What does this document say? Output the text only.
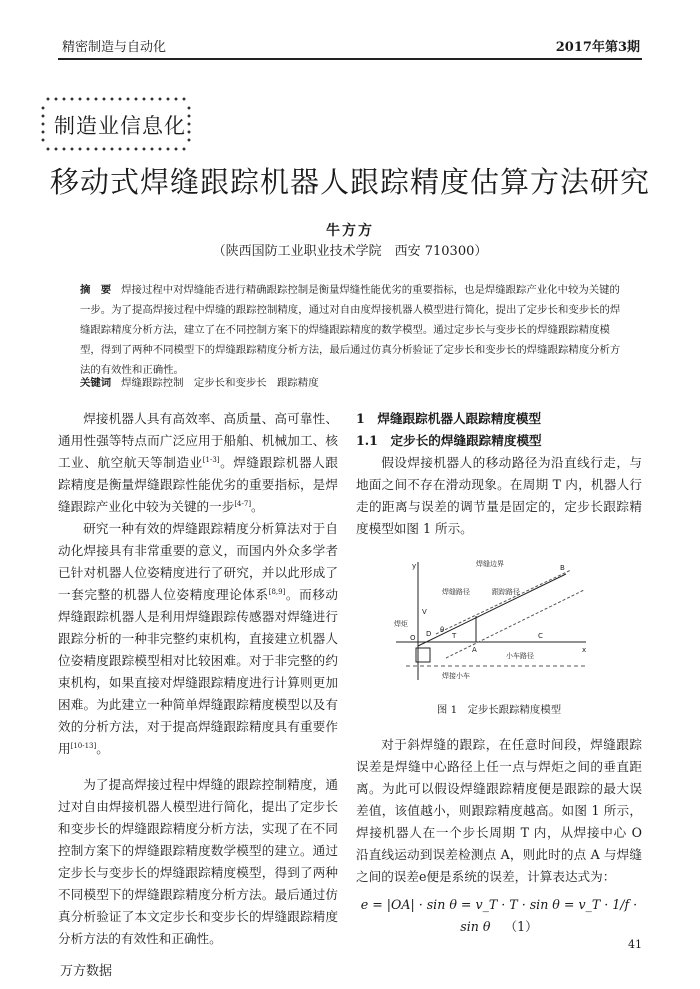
精密制造与自动化	2017年第3期
制造业信息化
移动式焊缝跟踪机器人跟踪精度估算方法研究
牛方方
（陕西国防工业职业技术学院　西安 710300）
摘　要 焊接过程中对焊缝能否进行精确跟踪控制是衡量焊缝性能优劣的重要指标，也是焊缝跟踪产业化中较为关键的一步。为了提高焊接过程中焊缝的跟踪控制精度，通过对自由度焊接机器人模型进行简化，提出了定步长和变步长的焊缝跟踪精度分析方法，建立了在不同控制方案下的焊缝跟踪精度的数学模型。通过定步长与变步长的焊缝跟踪精度模型，得到了两种不同模型下的焊缝跟踪精度分析方法，最后通过仿真分析验证了定步长和变步长的焊缝跟踪精度分析方法的有效性和正确性。
关键词 焊缝跟踪控制　定步长和变步长　跟踪精度

焊接机器人具有高效率、高质量、高可靠性、通用性强等特点而广泛应用于船舶、机械加工、核工业、航空航天等制造业[1-3]。焊缝跟踪机器人跟踪精度是衡量焊缝跟踪性能优劣的重要指标，是焊缝跟踪产业化中较为关键的一步[4-7]。

研究一种有效的焊缝跟踪精度分析算法对于自动化焊接具有非常重要的意义，而国内外众多学者已针对机器人位姿精度进行了研究，并以此形成了一套完整的机器人位姿精度理论体系[8,9]。而移动焊缝跟踪机器人是利用焊缝跟踪传感器对焊缝进行跟踪分析的一种非完整约束机构，直接建立机器人位姿精度跟踪模型相对比较困难。对于非完整的约束机构，如果直接对焊缝跟踪精度进行计算则更加困难。为此建立一种简单焊缝跟踪精度模型以及有效的分析方法，对于提高焊缝跟踪精度具有重要作用[10-13]。

为了提高焊接过程中焊缝的跟踪控制精度，通过对自由焊接机器人模型进行简化，提出了定步长和变步长的焊缝跟踪精度分析方法，实现了在不同控制方案下的焊缝跟踪精度数学模型的建立。通过定步长与变步长的焊缝跟踪精度模型，得到了两种不同模型下的焊缝跟踪精度分析方法。最后通过仿真分析验证了本文定步长和变步长的焊缝跟踪精度分析方法的有效性和正确性。

1　焊缝跟踪机器人跟踪精度模型
1.1　定步长的焊缝跟踪精度模型

假设焊接机器人的移动路径为沿直线行走，与地面之间不存在滑动现象。在周期 T 内，机器人行走的距离与误差的调节量是固定的，定步长跟踪精度模型如图 1 所示。

y
x
焊缝边界
焊缝路径	跟踪路径
焊炬
小车路径
焊接小车
O
A
B
C
D	T
V
θ
图 1　定步长跟踪精度模型

对于斜焊缝的跟踪，在任意时间段，焊缝跟踪误差是焊缝中心路径上任一点与焊炬之间的垂直距离。为此可以假设焊缝跟踪精度便是跟踪的最大误差值，该值越小，则跟踪精度越高。如图 1 所示，焊接机器人在一个步长周期 T 内，从焊接中心 O 沿直线运动到误差检测点 A，则此时的点 A 与焊缝之间的误差e便是系统的误差，计算表达式为：

e = |OA| · sin θ = v_T · T · sin θ = v_T · 1/f · sin θ （1）
41
万方数据
